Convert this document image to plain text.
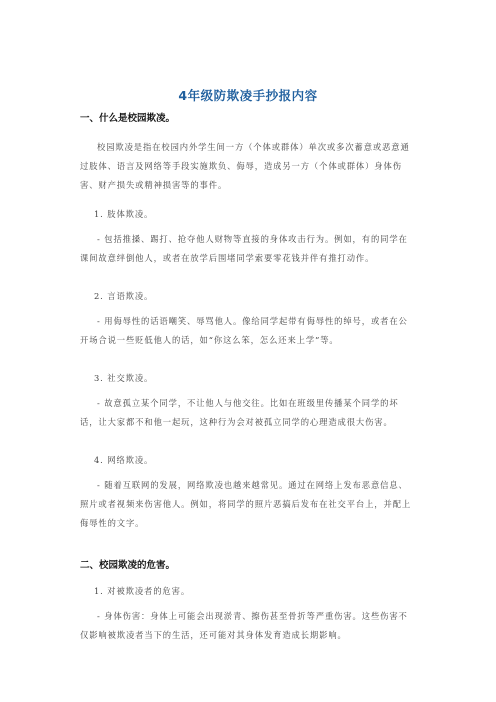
4年级防欺凌手抄报内容
一、什么是校园欺凌。

校园欺凌是指在校园内外学生间一方（个体或群体）单次或多次蓄意或恶意通过肢体、语言及网络等手段实施欺负、侮辱，造成另一方（个体或群体）身体伤害、财产损失或精神损害等的事件。

1. 肢体欺凌。

- 包括推搡、踢打、抢夺他人财物等直接的身体攻击行为。例如，有的同学在课间故意绊倒他人，或者在放学后围堵同学索要零花钱并伴有推打动作。

2. 言语欺凌。

- 用侮辱性的话语嘲笑、辱骂他人。像给同学起带有侮辱性的绰号，或者在公开场合说一些贬低他人的话，如“你这么笨，怎么还来上学”等。

3. 社交欺凌。

- 故意孤立某个同学，不让他人与他交往。比如在班级里传播某个同学的坏话，让大家都不和他一起玩，这种行为会对被孤立同学的心理造成很大伤害。

4. 网络欺凌。

- 随着互联网的发展，网络欺凌也越来越常见。通过在网络上发布恶意信息、照片或者视频来伤害他人。例如，将同学的照片恶搞后发布在社交平台上，并配上侮辱性的文字。

二、校园欺凌的危害。
1. 对被欺凌者的危害。

- 身体伤害：身体上可能会出现淤青、擦伤甚至骨折等严重伤害。这些伤害不仅影响被欺凌者当下的生活，还可能对其身体发育造成长期影响。
